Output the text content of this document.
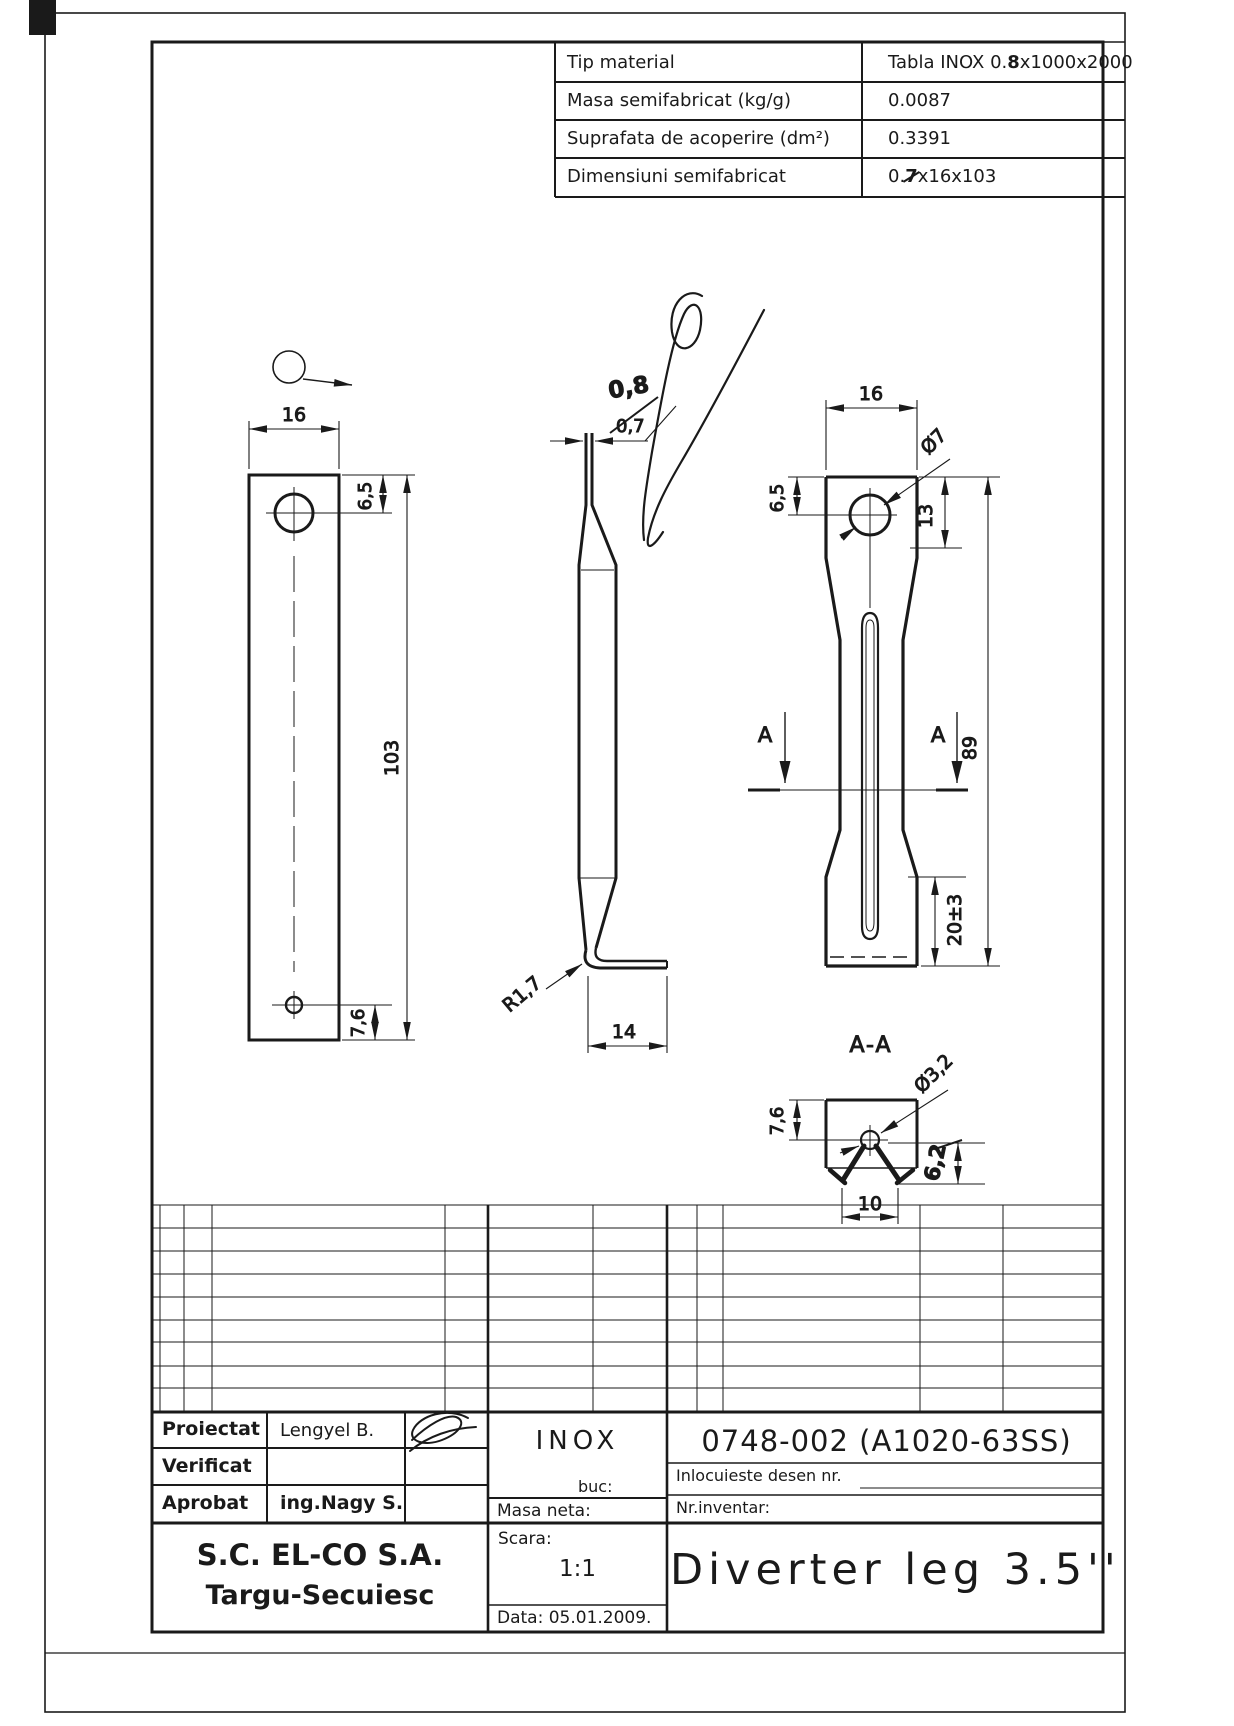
16
6,5
103
7,6
0,8
0,7
R1,7
14
16
Ø7
6,5
13
A	A
20±3
89
A-A
7,6
Ø3,2
6,2
10
Tip material	Tabla INOX 0.8x1000x2000
Masa semifabricat (kg/g)	0.0087
Suprafata de acoperire (dm²)	0.3391
Dimensiuni semifabricat	0.7x16x103
Proiectat Lengyel B.
Verificat
Aprobat ing.Nagy S.
S.C. EL-CO S.A.
Targu-Secuiesc
INOX
buc:
Masa neta:
Scara:
1:1
Data: 05.01.2009.
0748-002 (A1020-63SS)
Inlocuieste desen nr.
Nr.inventar:
Diverter leg 3.5''
